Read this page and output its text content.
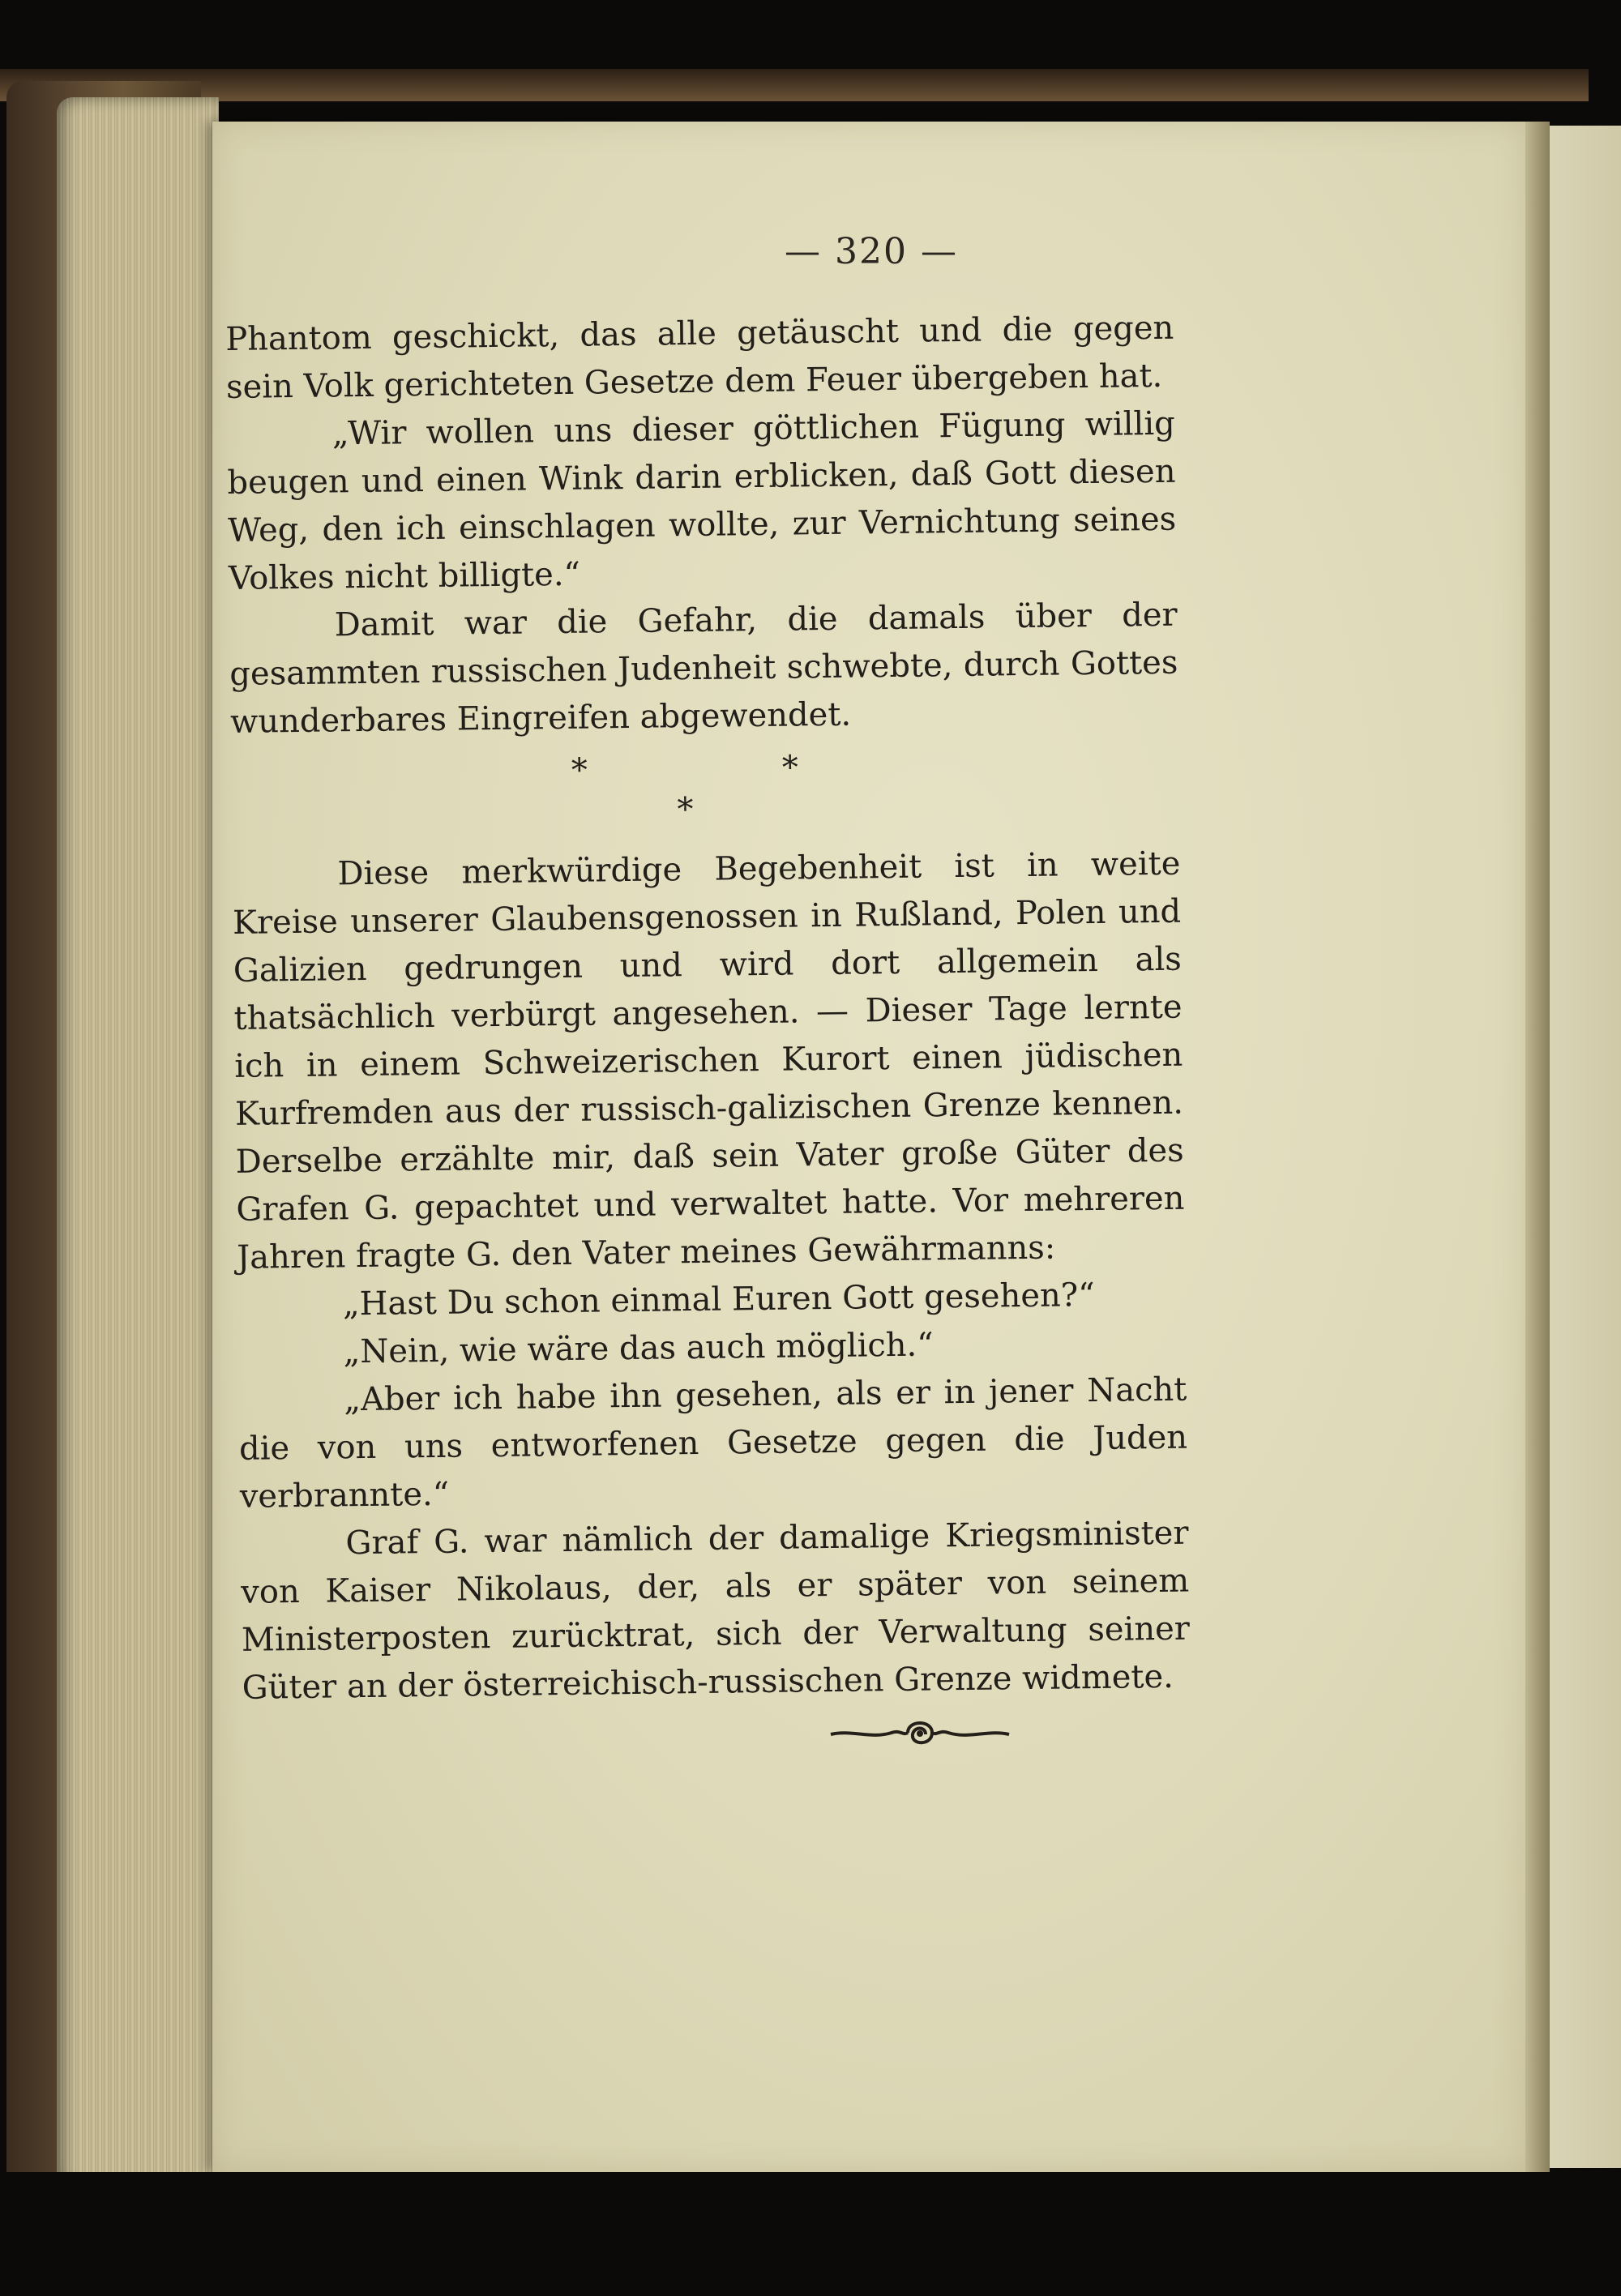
— 320 —

Phantom geschickt, das alle getäuscht und die gegen sein Volk gerichteten Gesetze dem Feuer übergeben hat.

„Wir wollen uns dieser göttlichen Fügung willig beugen und einen Wink darin erblicken, daß Gott diesen Weg, den ich einschlagen wollte, zur Vernichtung seines Volkes nicht billigte.“

Damit war die Gefahr, die damals über der gesammten russischen Judenheit schwebte, durch Gottes wunderbares Eingreifen abgewendet.

*	*
*

Diese merkwürdige Begebenheit ist in weite Kreise unserer Glaubensgenossen in Rußland, Polen und Galizien gedrungen und wird dort allgemein als thatsächlich verbürgt angesehen. — Dieser Tage lernte ich in einem Schweizerischen Kurort einen jüdischen Kurfremden aus der russisch-galizischen Grenze kennen. Derselbe erzählte mir, daß sein Vater große Güter des Grafen G. gepachtet und verwaltet hatte. Vor mehreren Jahren fragte G. den Vater meines Gewährmanns:

„Hast Du schon einmal Euren Gott gesehen?“

„Nein, wie wäre das auch möglich.“

„Aber ich habe ihn gesehen, als er in jener Nacht die von uns entworfenen Gesetze gegen die Juden verbrannte.“

Graf G. war nämlich der damalige Kriegsminister von Kaiser Nikolaus, der, als er später von seinem Ministerposten zurücktrat, sich der Verwaltung seiner Güter an der österreichisch-russischen Grenze widmete.
